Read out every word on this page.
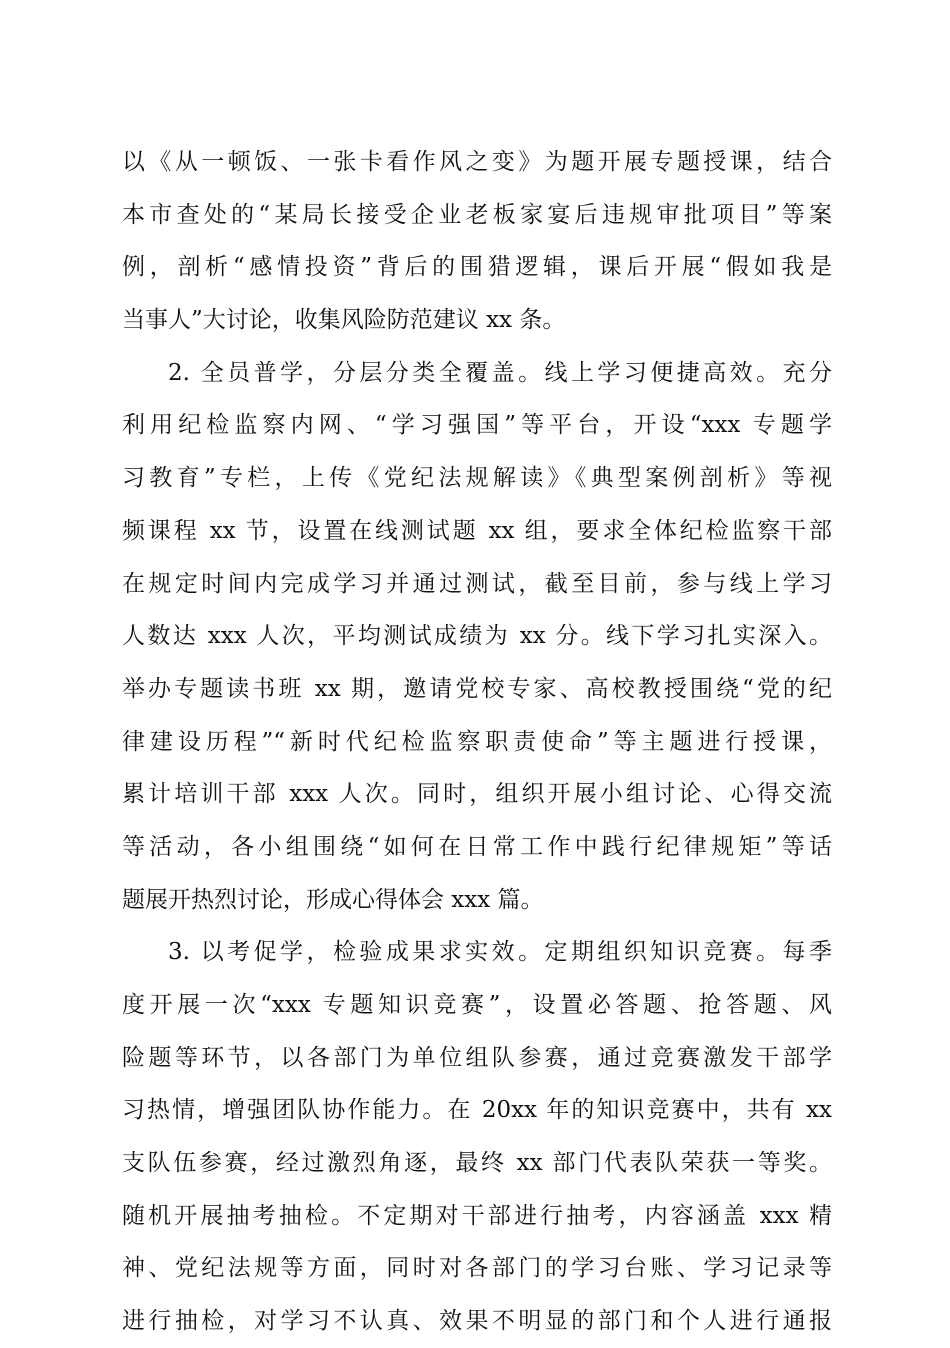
以《从一顿饭、一张卡看作风之变》为题开展专题授课，结合
本市查处的“某局长接受企业老板家宴后违规审批项目”等案
例，剖析“感情投资”背后的围猎逻辑，课后开展“假如我是
当事人”大讨论，收集风险防范建议 xx 条。
2. 全员普学，分层分类全覆盖。线上学习便捷高效。充分
利用纪检监察内网、“学习强国”等平台，开设“xxx 专题学
习教育”专栏，上传《党纪法规解读》《典型案例剖析》等视
频课程 xx 节，设置在线测试题 xx 组，要求全体纪检监察干部
在规定时间内完成学习并通过测试，截至目前，参与线上学习
人数达 xxx 人次，平均测试成绩为 xx 分。线下学习扎实深入。
举办专题读书班 xx 期，邀请党校专家、高校教授围绕“党的纪
律建设历程”“新时代纪检监察职责使命”等主题进行授课，
累计培训干部 xxx 人次。同时，组织开展小组讨论、心得交流
等活动，各小组围绕“如何在日常工作中践行纪律规矩”等话
题展开热烈讨论，形成心得体会 xxx 篇。
3. 以考促学，检验成果求实效。定期组织知识竞赛。每季
度开展一次“xxx 专题知识竞赛”，设置必答题、抢答题、风
险题等环节，以各部门为单位组队参赛，通过竞赛激发干部学
习热情，增强团队协作能力。在 20xx 年的知识竞赛中，共有 xx
支队伍参赛，经过激烈角逐，最终 xx 部门代表队荣获一等奖。
随机开展抽考抽检。不定期对干部进行抽考，内容涵盖 xxx 精
神、党纪法规等方面，同时对各部门的学习台账、学习记录等
进行抽检，对学习不认真、效果不明显的部门和个人进行通报
